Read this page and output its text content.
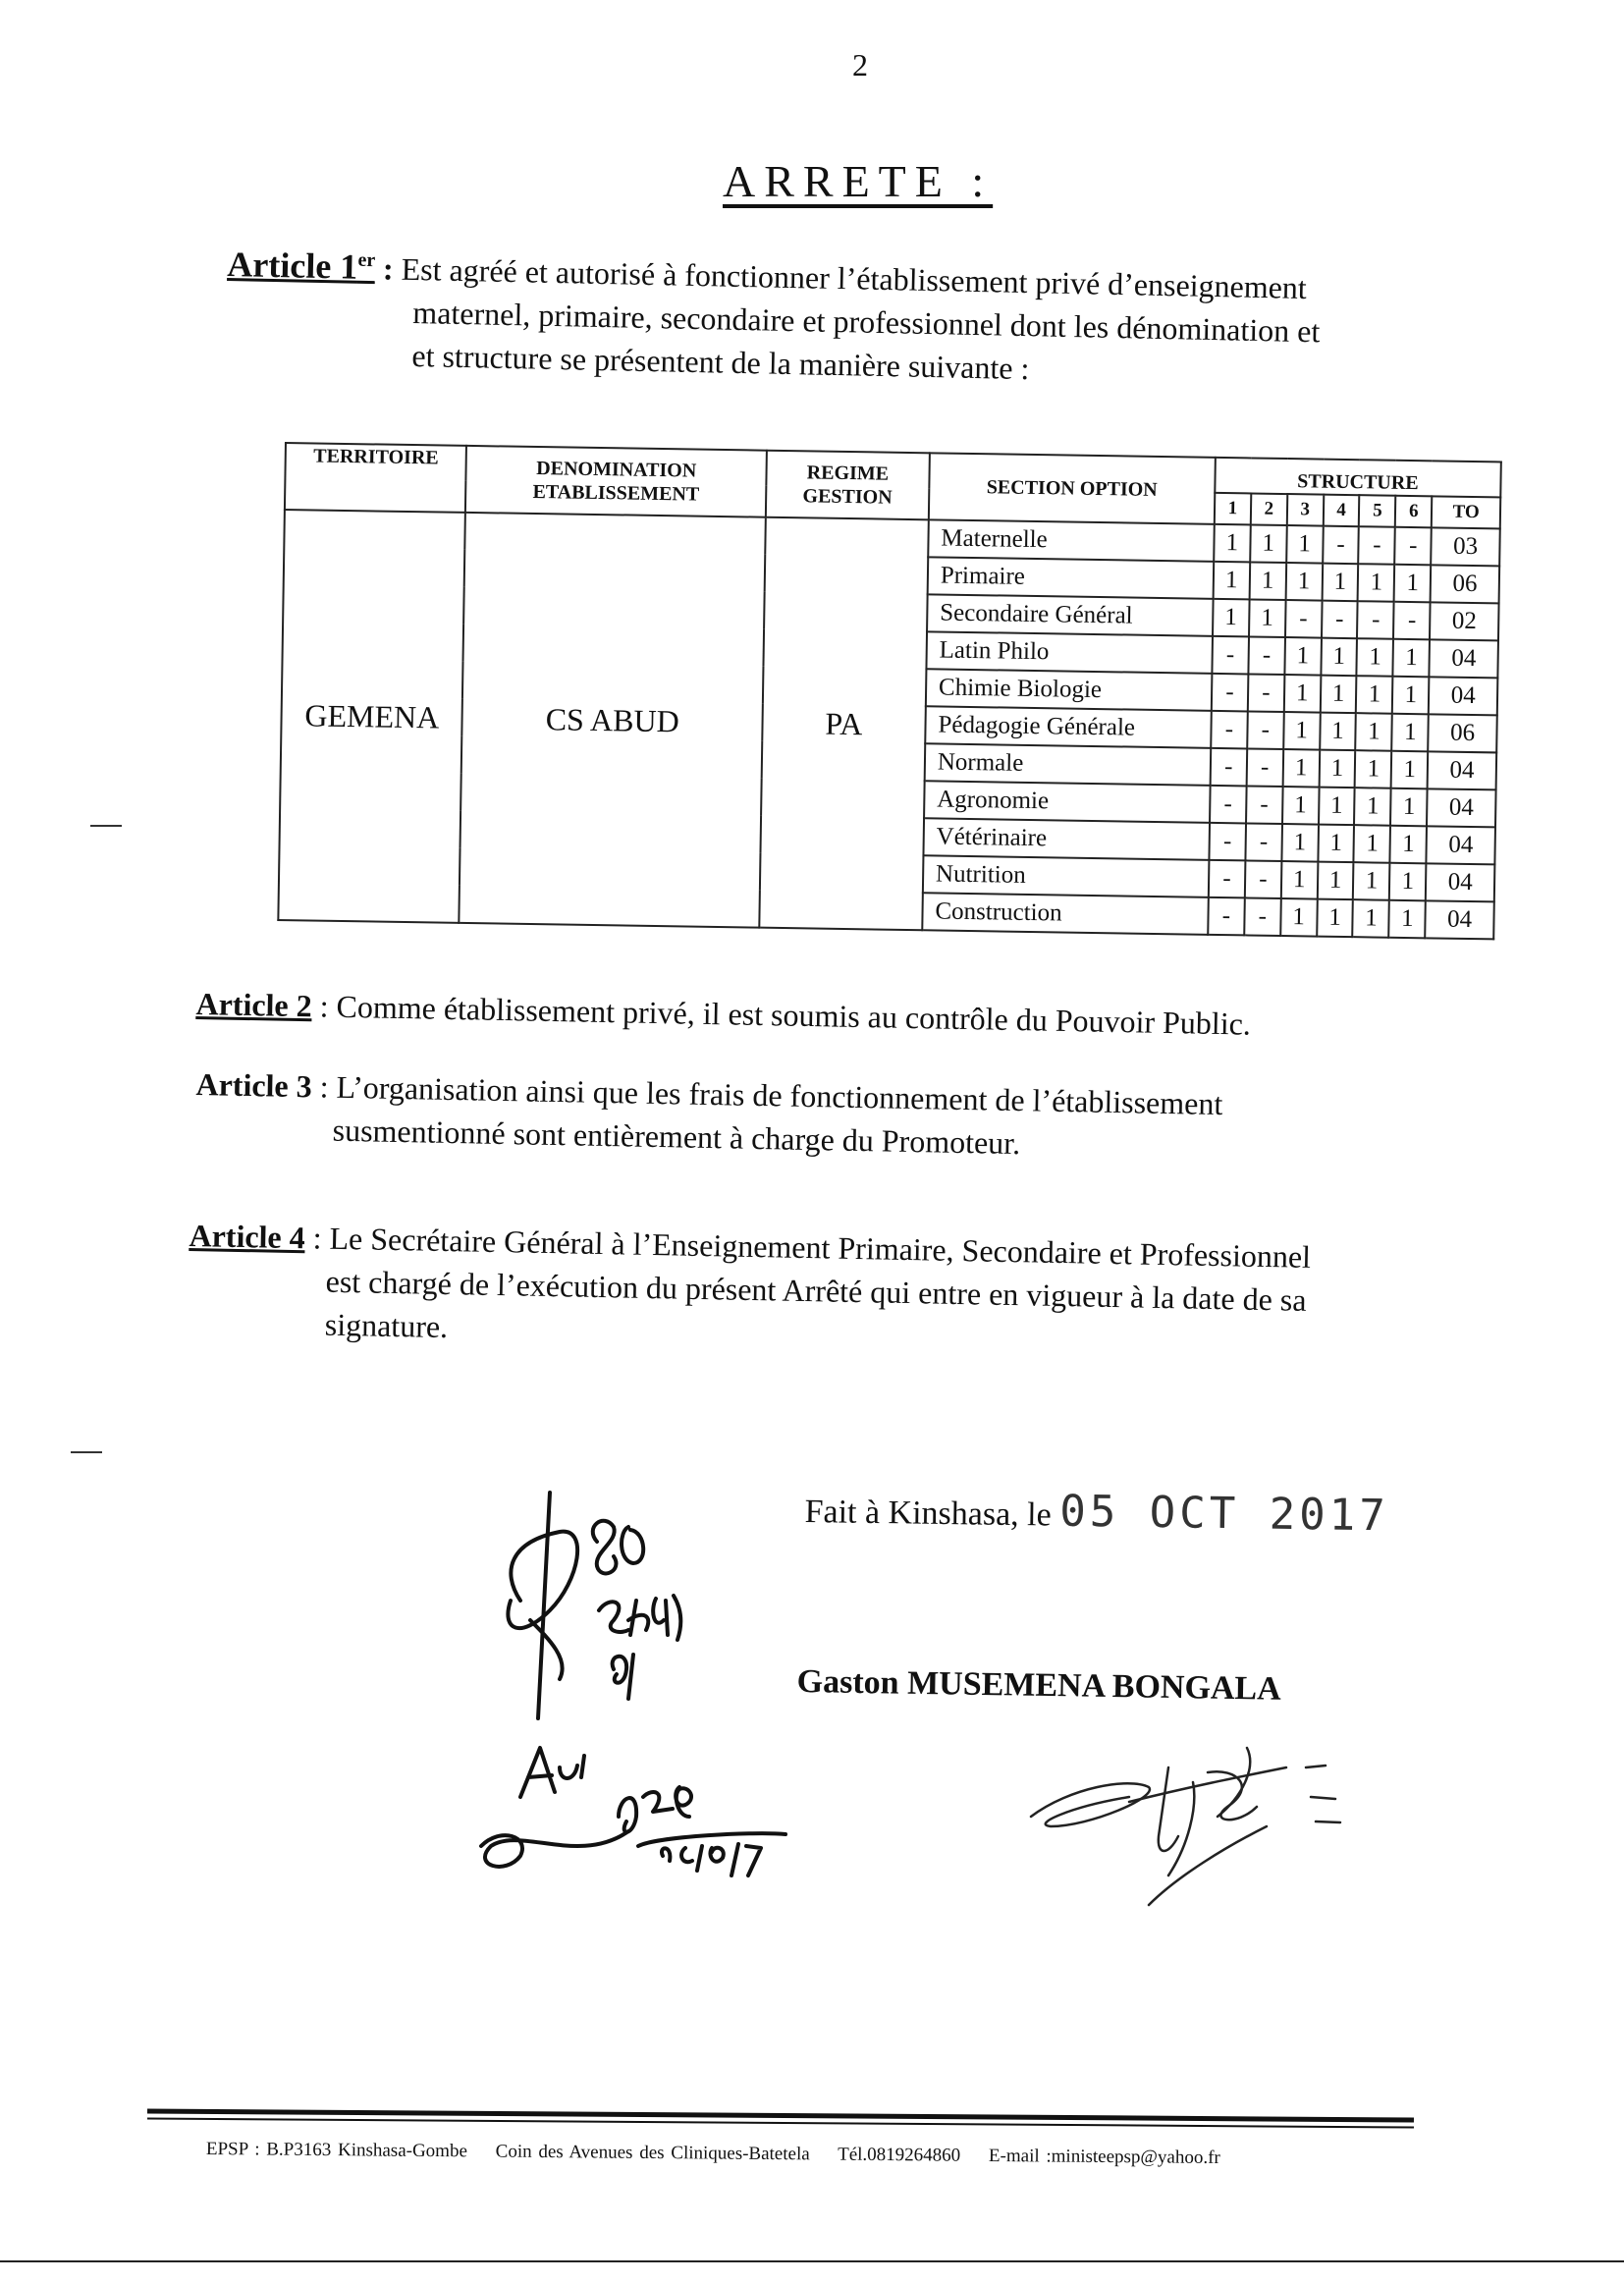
2
ARRETE :
Article 1er : Est agréé et autorisé à fonctionner l’établissement privé d’enseignement
maternel, primaire, secondaire et professionnel dont les dénomination et
et structure se présentent de la manière suivante :
TERRITOIRE	DENOMINATION ETABLISSEMENT	REGIME GESTION	SECTION OPTION	STRUCTURE						
				1	2	3	4	5	6	TO
GEMENA	CS ABUD	PA	Maternelle	1	1	1	-	-	-	03
			Primaire	1	1	1	1	1	1	06
			Secondaire Général	1	1	-	-	-	-	02
			Latin Philo	-	-	1	1	1	1	04
			Chimie Biologie	-	-	1	1	1	1	04
			Pédagogie Générale	-	-	1	1	1	1	06
			Normale	-	-	1	1	1	1	04
			Agronomie	-	-	1	1	1	1	04
			Vétérinaire	-	-	1	1	1	1	04
			Nutrition	-	-	1	1	1	1	04
			Construction	-	-	1	1	1	1	04
Article 2 : Comme établissement privé, il est soumis au contrôle du Pouvoir Public.
Article 3 : L’organisation ainsi que les frais de fonctionnement de l’établissement
susmentionné sont entièrement à charge du Promoteur.
Article 4 : Le Secrétaire Général à l’Enseignement Primaire, Secondaire et Professionnel
est chargé de l’exécution du présent Arrêté qui entre en vigueur à la date de sa
signature.
Fait à Kinshasa, le 05 OCT 2017
Gaston MUSEMENA BONGALA
EPSP : B.P3163 Kinshasa-Gombe Coin des Avenues des Cliniques-Batetela Tél.0819264860 E-mail :ministeepsp@yahoo.fr
